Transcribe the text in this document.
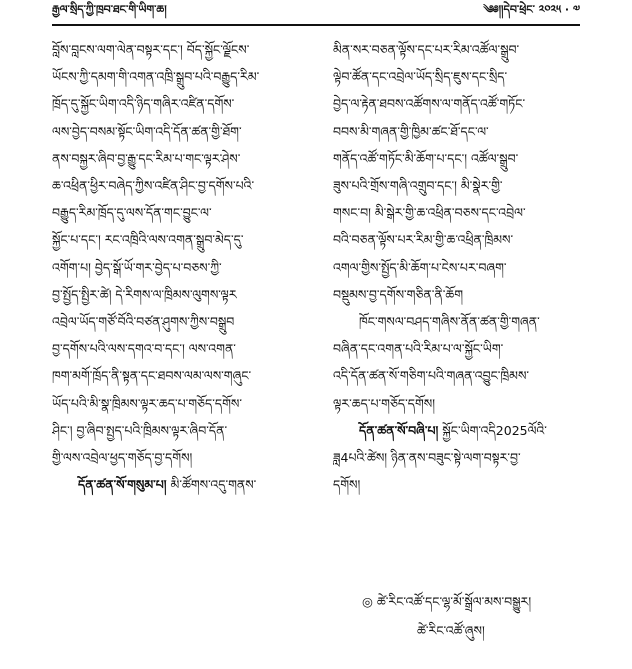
རྒྱལ་སྲིད་ཀྱི་ཁྲབ་ཐང་གི་ཡིག་ཆ།	༄༅།།དེབ་ཕྲེང་ ༢༠༢༥ · ༧
བློས་བླངས་ལག་ལེན་བསྟར་དང་། བོད་སྐྱོང་ལྗོངས་
ཡོངས་ཀྱི་དམག་གི་འགན་འཁྲི་སྒྲུབ་པའི་བརྒྱུད་རིམ་
ཁྲོད་དུ་སྐྱོང་ཡིག་འདི་ཉིད་གཞིར་འཛིན་དགོས་
ལས་བྱེད་བསམ་སྟོང་ཡིག་འདི་དོན་ཚན་གྱི་ཐོག་
ནས་བསྐྱར་ཞིབ་བྱ་རྒྱུ་དང་རིམ་པ་གང་ལྟར་ཤེས་
ཆ་འཕྲིན་ཕྱིར་བཞེད་ཀྱིས་འཛིན་ཤིང་བྱ་དགོས་པའི་
བརྒྱུད་རིམ་ཁྲོད་དུ་ལས་དོན་གང་བྱུང་ལ་
སྐྱོང་པ་དང་། རང་འཁྲིའི་ལས་འགན་སྒྲུབ་མེད་དུ་
འགོག་པ། བྱེད་སྒོ་ཡོ་གར་བྱེད་པ་བཅས་ཀྱི་
བྱ་སྤྱོད་སྤྱིར་ཚེ། དེ་རིགས་ལ་ཁྲིམས་ལུགས་ལྟར
འབྲེལ་ཡོད་གཙོ་བོའི་བཙན་ཤུགས་ཀྱིས་བསྒྲུབ
བྱ་དགོས་པའི་ལས་དགའ་བ་དང་། ལས་འགན་
ཁག་མགོ་ཁྲོད་ནི་སྟན་དང་ཐབས་ལམ་ལས་གཞུང་
ཡོད་པའི་མི་སྣ་ཁྲིམས་ལྟར་ཆད་པ་གཅོད་དགོས་
ཤིང་། བྱ་ཞིབ་སྤྱད་པའི་ཁྲིམས་ལྟར་ཞིབ་དོན་
གྱི་ལས་འབྲེལ་ཕྱད་གཅོད་བྱ་དགོས།
དོན་ཚན་སོ་གསུམ་པ། མི་ཚོགས་འདུ་གནས་
མིན་སར་བཅན་ལྟོས་དང་པར་རིམ་འཚོལ་སྒྲུབ་
ལྟེབ་ཚོན་དང་འབྲེལ་ཡོད་སྲིད་ཇུས་དང་སྲིད་
བྱེད་ལ་རྟེན་ཐབས་འཚོགས་ལ་གནོད་འཚོ་གཏོང་
བབས་མི་གཞན་གྱི་ཁྱིམ་ཚང་ཐོ་དང་ལ་
གནོད་འཚོ་གཏོང་མི་ཆོག་པ་དང་། འཚོལ་སྒྲུབ་
ཟུས་པའི་གྲོས་གཞི་འགྲུབ་དང་། མི་སྣེར་གྱི་
གསང་བ། མི་སྒེར་གྱི་ཆ་འཕྲིན་བཅས་དང་འབྲེལ་
བའི་བཅན་ལྟོས་པར་རིམ་གྱི་ཆ་འཕྲིན་ཁྲིམས་
འགལ་གྱིས་སྤྱོད་མི་ཆོག་པ་ངེས་པར་བཞག་
བསྡུམས་བྱ་དགོས་གཅིན་ནི་ཆོག
ཁོང་གསལ་བཤད་གཞིས་ནོན་ཚན་གྱི་གཞན་
བཞིན་དང་འགན་པའི་རིམ་པ་ལ་སྐྱོང་ཡིག་
འདི་དོན་ཚན་སོ་གཅིག་པའི་གཞན་འབྱུང་ཁྲིམས་
ལྟར་ཆད་པ་གཅོད་དགོས།
དོན་ཚན་སོ་བཞི་པ། སྐྱོང་ཡིག་འདི2025ལོའི་
ཟླ4པའི་ཚེས། ཉིན་ནས་བཟུང་སྟེ་ལག་བསྟར་བྱ་
དགོས།
◎ ཚེ་རིང་འཚོ་དང་ལྷ་མོ་སྒྲོལ་མས་བསྒྱུར།
ཚེ་རིང་འཚོ་ཞུས།
